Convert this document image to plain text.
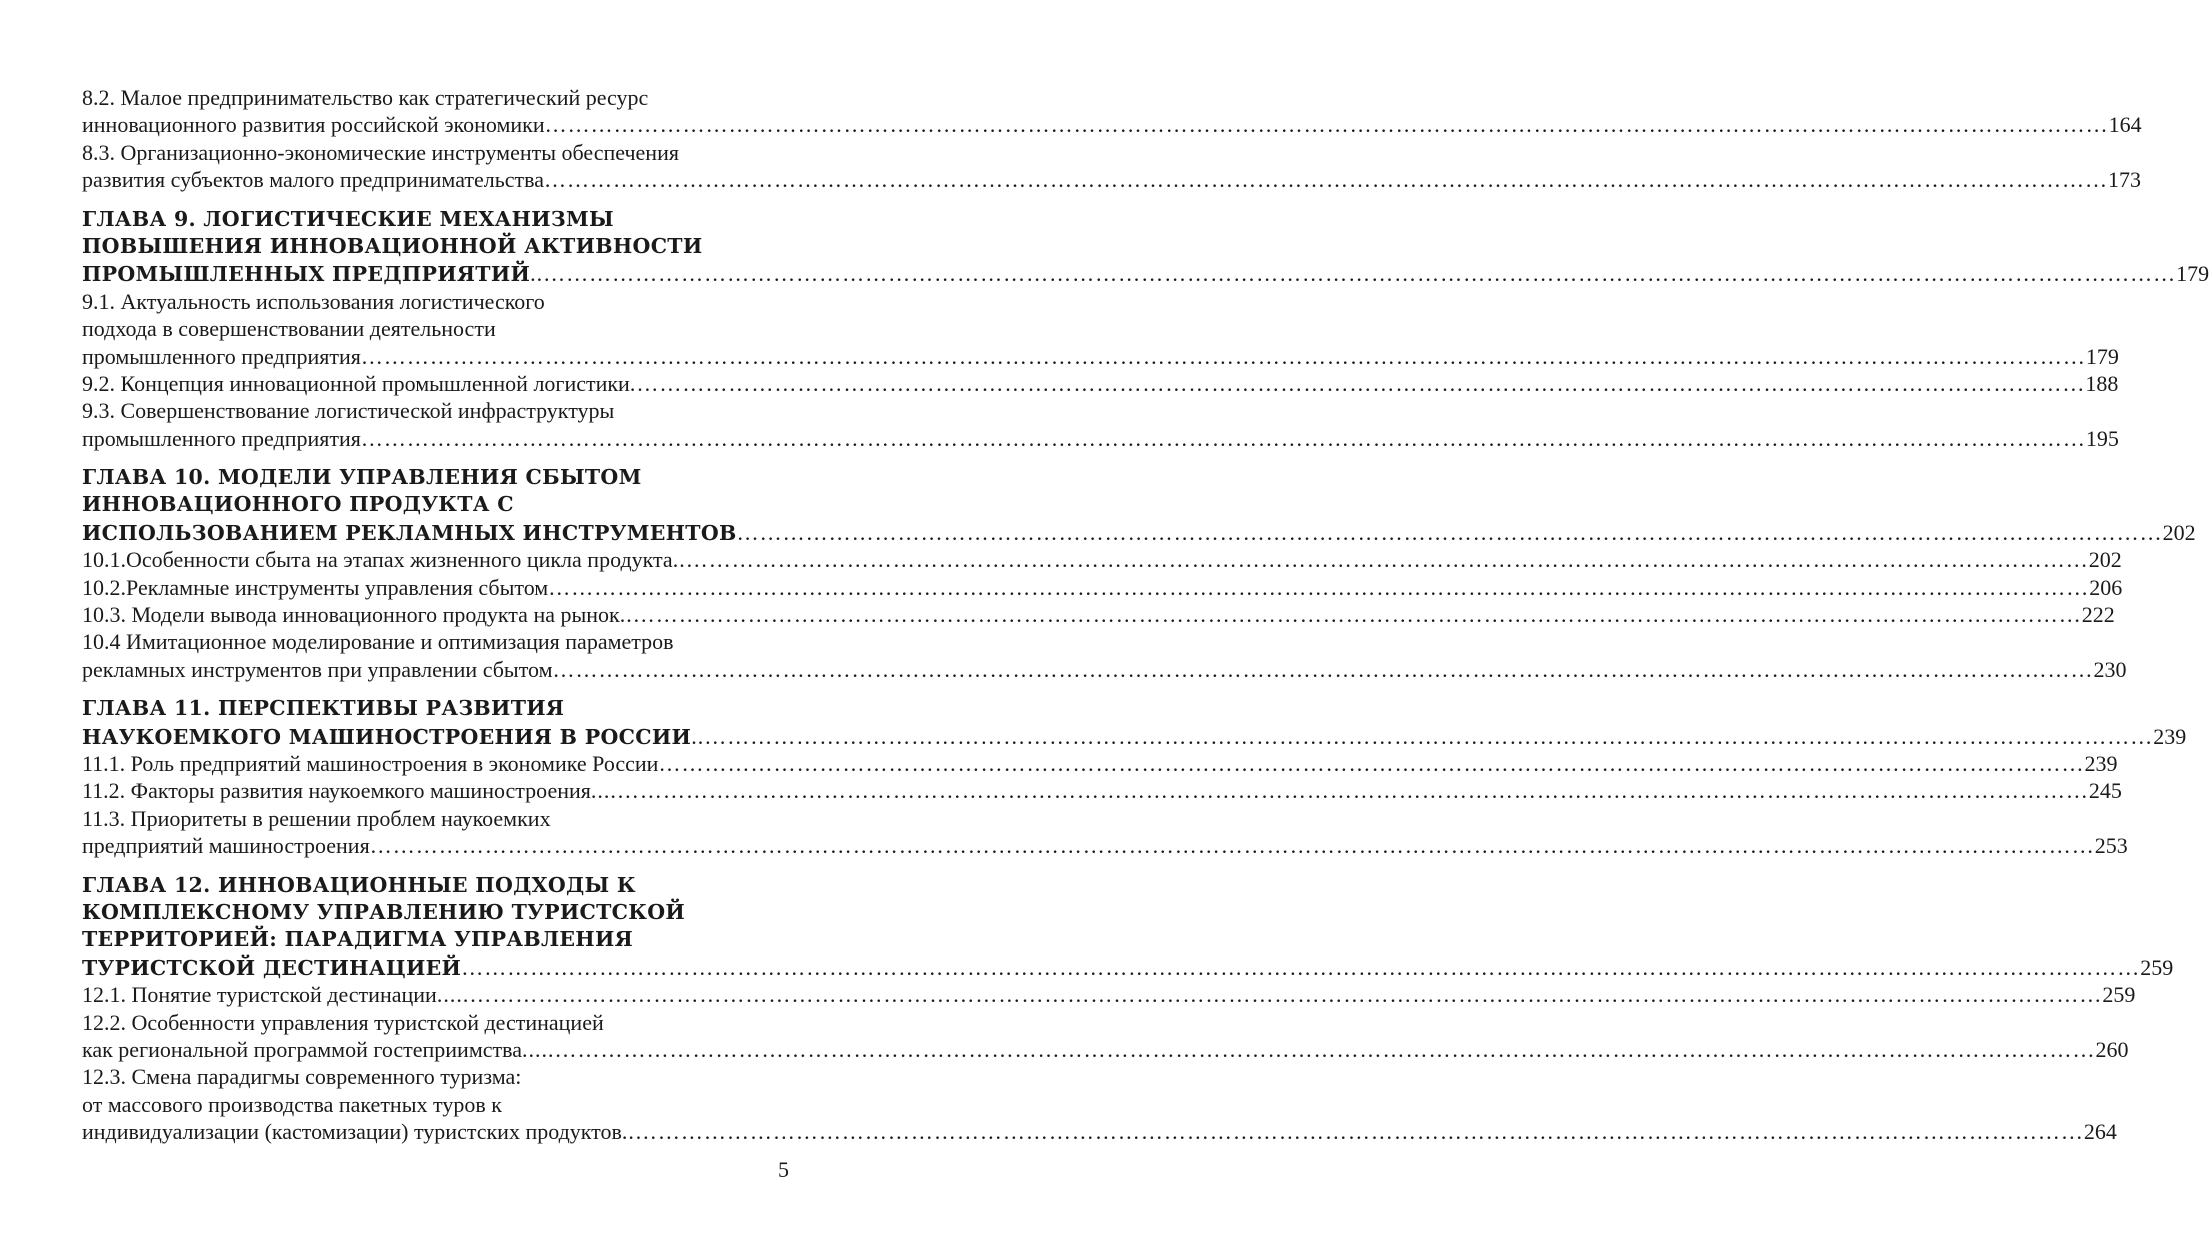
8.2. Малое предпринимательство как стратегический ресурс
инновационного развития российской экономики …………………………………………………………………………………………………………………………………………………………………………………… 164
8.3. Организационно-экономические инструменты обеспечения
развития субъектов малого предпринимательства …………………………………………………………………………………………………………………………………………………………………………………… 173
ГЛАВА 9. ЛОГИСТИЧЕСКИЕ МЕХАНИЗМЫ
ПОВЫШЕНИЯ ИННОВАЦИОННОЙ АКТИВНОСТИ
ПРОМЫШЛЕННЫХ ПРЕДПРИЯТИЙ …………………………………………………………………………………………………………………………………………………………………………………………….. 179
9.1. Актуальность использования логистического
подхода в совершенствовании деятельности
промышленного предприятия ……………………………………………………………………………………………………………………………………………………………………………………………………… 179
9.2. Концепция инновационной промышленной логистики ………………………………………………………………………………………………………………………………………………………………………. 188
9.3. Совершенствование логистической инфраструктуры
промышленного предприятия ……………………………………………………………………………………………………………………………………………………………………………………………………… 195
ГЛАВА 10. МОДЕЛИ УПРАВЛЕНИЯ СБЫТОМ
ИННОВАЦИОННОГО ПРОДУКТА С
ИСПОЛЬЗОВАНИЕМ РЕКЛАМНЫХ ИНСТРУМЕНТОВ …………………………………………………………………………………………………………………………………………………………………… 202
10.1.Особенности сбыта на этапах жизненного цикла продукта ………………………………………………………………………………………………………………………………………………………………….. 202
10.2.Рекламные инструменты управления сбытом ………………………………………………………………………………………………………………………………………………………………………………… 206
10.3. Модели вывода инновационного продукта на рынок ……………………………………………………………………………………………………………………………………………………………………….. 222
10.4 Имитационное моделирование и оптимизация параметров
рекламных инструментов при управлении сбытом ………………………………………………………………………………………………………………………………………………………………………………… 230
ГЛАВА 11. ПЕРСПЕКТИВЫ РАЗВИТИЯ
НАУКОЕМКОГО МАШИНОСТРОЕНИЯ В РОССИИ ……………………………………………………………………………………………………………………………………………………………………….. 239
11.1. Роль предприятий машиностроения в экономике России …………………………………………………………………………………………………………………………………………………………………… 239
11.2. Факторы развития наукоемкого машиностроения ………………………………………………………………………………………………………………………………………………………………………….... 245
11.3. Приоритеты в решении проблем наукоемких
предприятий машиностроения ……………………………………………………………………………………………………………………………………………………………………………………………………… 253
ГЛАВА 12. ИННОВАЦИОННЫЕ ПОДХОДЫ К
КОМПЛЕКСНОМУ УПРАВЛЕНИЮ ТУРИСТСКОЙ
ТЕРРИТОРИЕЙ: ПАРАДИГМА УПРАВЛЕНИЯ
ТУРИСТСКОЙ ДЕСТИНАЦИЕЙ ………………………………………………………………………………………………………………………………………………………………………………………………… 259
12.1. Понятие туристской дестинации ……………………………………………………………………………………………………………………………………………………………………………………………..... 259
12.2. Особенности управления туристской дестинацией
как региональной программой гостеприимства …………………………………………………………………………………………………………………………………………………………………………………..... 260
12.3. Смена парадигмы современного туризма:
от массового производства пакетных туров к
индивидуализации (кастомизации) туристских продуктов ……………………………………………………………………………………………………………………………………………………………………….. 264
5
